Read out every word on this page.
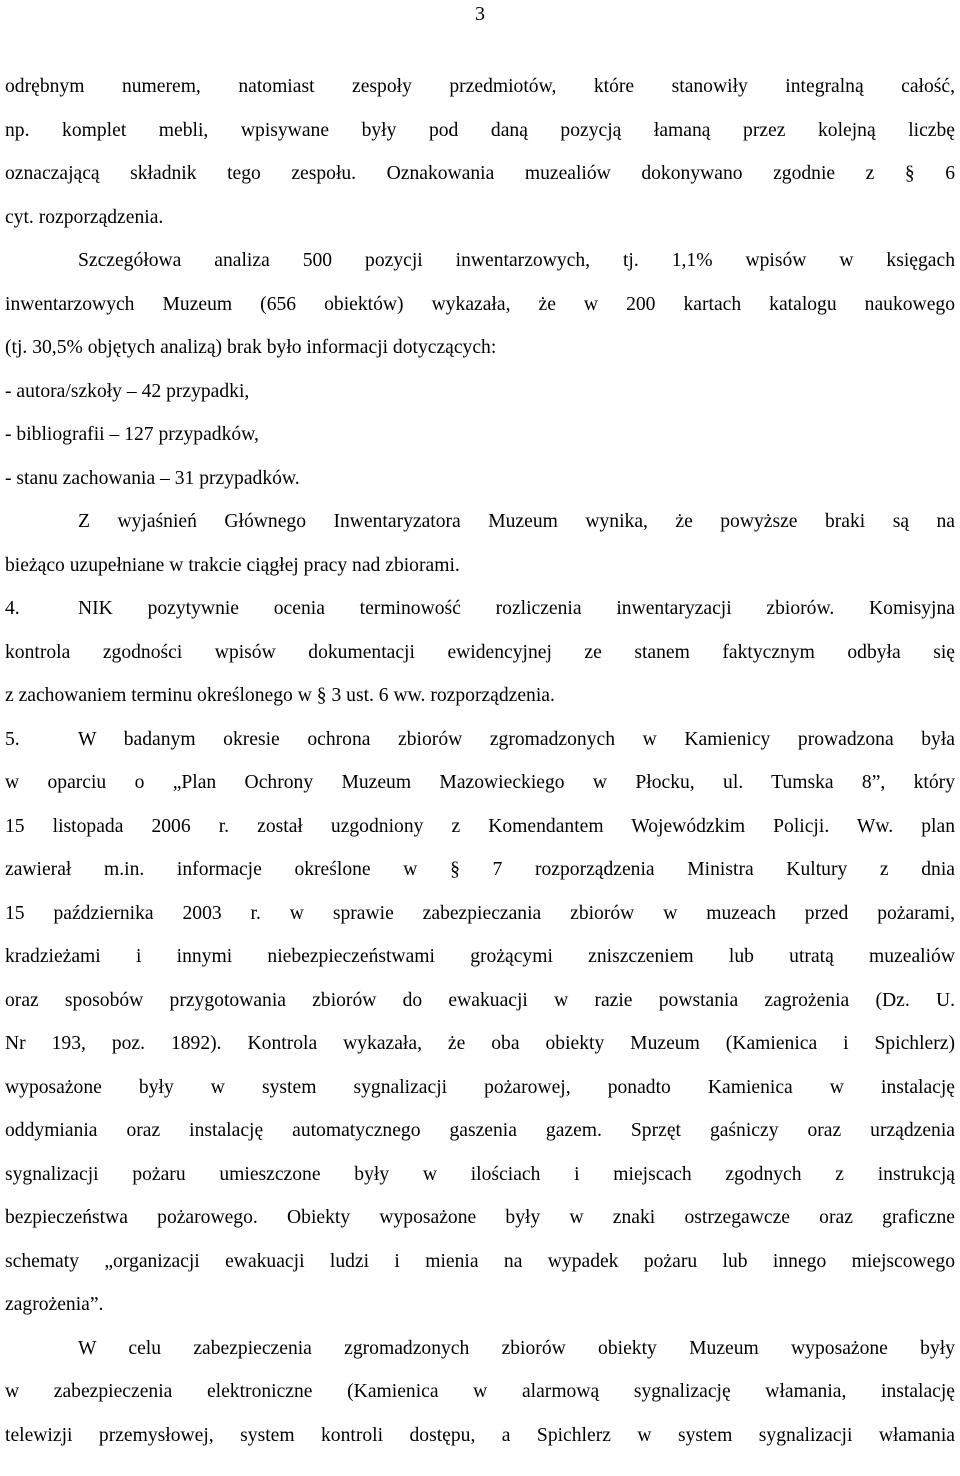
3
odrębnym numerem, natomiast zespoły przedmiotów, które stanowiły integralną całość,
np. komplet mebli, wpisywane były pod daną pozycją łamaną przez kolejną liczbę
oznaczającą składnik tego zespołu. Oznakowania muzealiów dokonywano zgodnie z § 6
cyt. rozporządzenia.
Szczegółowa analiza 500 pozycji inwentarzowych, tj. 1,1% wpisów w księgach
inwentarzowych Muzeum (656 obiektów) wykazała, że w 200 kartach katalogu naukowego
(tj. 30,5% objętych analizą) brak było informacji dotyczących:
- autora/szkoły – 42 przypadki,
- bibliografii – 127 przypadków,
- stanu zachowania – 31 przypadków.
Z wyjaśnień Głównego Inwentaryzatora Muzeum wynika, że powyższe braki są na
bieżąco uzupełniane w trakcie ciągłej pracy nad zbiorami.
4.	NIK pozytywnie ocenia terminowość rozliczenia inwentaryzacji zbiorów. Komisyjna
kontrola zgodności wpisów dokumentacji ewidencyjnej ze stanem faktycznym odbyła się
z zachowaniem terminu określonego w § 3 ust. 6 ww. rozporządzenia.
5.	W badanym okresie ochrona zbiorów zgromadzonych w Kamienicy prowadzona była
w oparciu o „Plan Ochrony Muzeum Mazowieckiego w Płocku, ul. Tumska 8”, który
15 listopada 2006 r. został uzgodniony z Komendantem Wojewódzkim Policji. Ww. plan
zawierał m.in. informacje określone w § 7 rozporządzenia Ministra Kultury z dnia
15 października 2003 r. w sprawie zabezpieczania zbiorów w muzeach przed pożarami,
kradzieżami i innymi niebezpieczeństwami grożącymi zniszczeniem lub utratą muzealiów
oraz sposobów przygotowania zbiorów do ewakuacji w razie powstania zagrożenia (Dz. U.
Nr 193, poz. 1892). Kontrola wykazała, że oba obiekty Muzeum (Kamienica i Spichlerz)
wyposażone były w system sygnalizacji pożarowej, ponadto Kamienica w instalację
oddymiania oraz instalację automatycznego gaszenia gazem. Sprzęt gaśniczy oraz urządzenia
sygnalizacji pożaru umieszczone były w ilościach i miejscach zgodnych z instrukcją
bezpieczeństwa pożarowego. Obiekty wyposażone były w znaki ostrzegawcze oraz graficzne
schematy „organizacji ewakuacji ludzi i mienia na wypadek pożaru lub innego miejscowego
zagrożenia”.
W celu zabezpieczenia zgromadzonych zbiorów obiekty Muzeum wyposażone były
w zabezpieczenia elektroniczne (Kamienica w alarmową sygnalizację włamania, instalację
telewizji przemysłowej, system kontroli dostępu, a Spichlerz w system sygnalizacji włamania
